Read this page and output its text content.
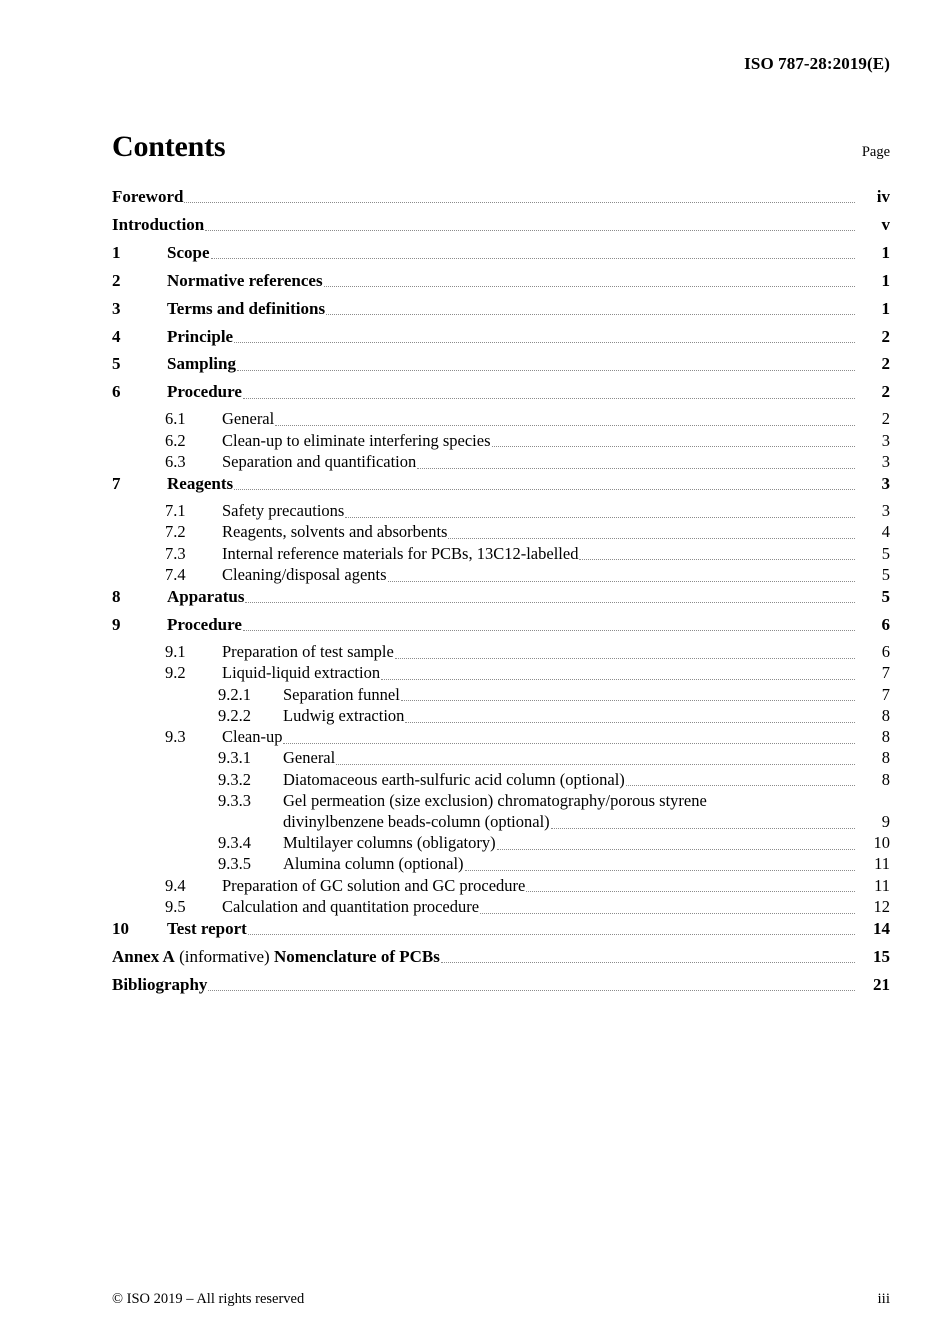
ISO 787-28:2019(E)
Contents	Page
Foreword	iv
Introduction	v
1	Scope	1
2	Normative references	1
3	Terms and definitions	1
4	Principle	2
5	Sampling	2
6	Procedure	2
6.1	General	2
6.2	Clean-up to eliminate interfering species	3
6.3	Separation and quantification	3
7	Reagents	3
7.1	Safety precautions	3
7.2	Reagents, solvents and absorbents	4
7.3	Internal reference materials for PCBs, 13C12-labelled	5
7.4	Cleaning/disposal agents	5
8	Apparatus	5
9	Procedure	6
9.1	Preparation of test sample	6
9.2	Liquid-liquid extraction	7
9.2.1	Separation funnel	7
9.2.2	Ludwig extraction	8
9.3	Clean-up	8
9.3.1	General	8
9.3.2	Diatomaceous earth-sulfuric acid column (optional)	8
9.3.3	Gel permeation (size exclusion) chromatography/porous styrene
divinylbenzene beads-column (optional)	9
9.3.4	Multilayer columns (obligatory)	10
9.3.5	Alumina column (optional)	11
9.4	Preparation of GC solution and GC procedure	11
9.5	Calculation and quantitation procedure	12
10	Test report	14
Annex A (informative) Nomenclature of PCBs	15
Bibliography	21
© ISO 2019 – All rights reserved	iii
